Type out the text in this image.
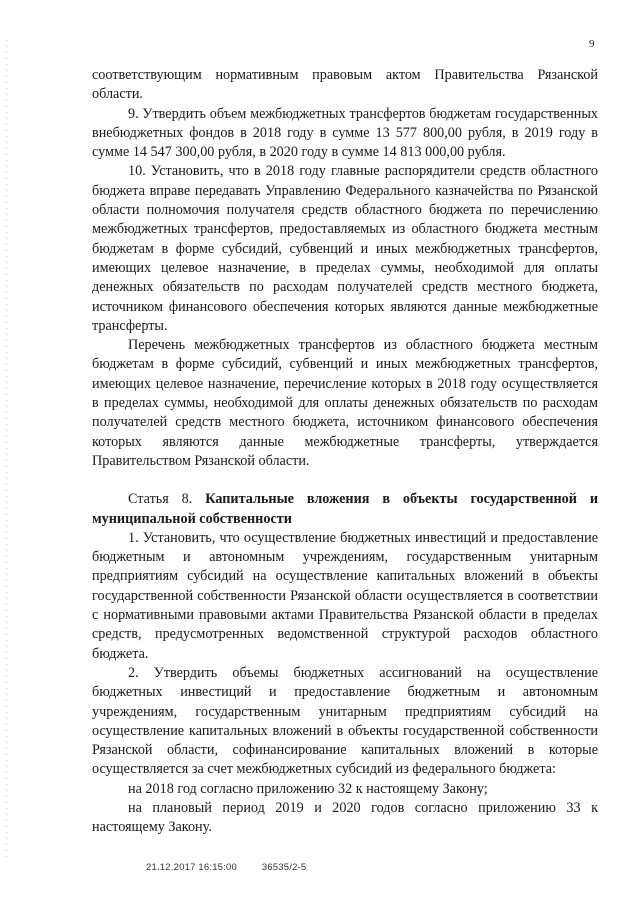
9

соответствующим нормативным правовым актом Правительства Рязанской области.

9. Утвердить объем межбюджетных трансфертов бюджетам государственных внебюджетных фондов в 2018 году в сумме 13 577 800,00 рубля, в 2019 году в сумме 14 547 300,00 рубля, в 2020 году в сумме 14 813 000,00 рубля.

10. Установить, что в 2018 году главные распорядители средств областного бюджета вправе передавать Управлению Федерального казначейства по Рязанской области полномочия получателя средств областного бюджета по перечислению межбюджетных трансфертов, предоставляемых из областного бюджета местным бюджетам в форме субсидий, субвенций и иных межбюджетных трансфертов, имеющих целевое назначение, в пределах суммы, необходимой для оплаты денежных обязательств по расходам получателей средств местного бюджета, источником финансового обеспечения которых являются данные межбюджетные трансферты.

Перечень межбюджетных трансфертов из областного бюджета местным бюджетам в форме субсидий, субвенций и иных межбюджетных трансфертов, имеющих целевое назначение, перечисление которых в 2018 году осуществляется в пределах суммы, необходимой для оплаты денежных обязательств по расходам получателей средств местного бюджета, источником финансового обеспечения которых являются данные межбюджетные трансферты, утверждается Правительством Рязанской области.

Статья 8. Капитальные вложения в объекты государственной и муниципальной собственности

1. Установить, что осуществление бюджетных инвестиций и предоставление бюджетным и автономным учреждениям, государственным унитарным предприятиям субсидий на осуществление капитальных вложений в объекты государственной собственности Рязанской области осуществляется в соответствии с нормативными правовыми актами Правительства Рязанской области в пределах средств, предусмотренных ведомственной структурой расходов областного бюджета.

2. Утвердить объемы бюджетных ассигнований на осуществление бюджетных инвестиций и предоставление бюджетным и автономным учреждениям, государственным унитарным предприятиям субсидий на осуществление капитальных вложений в объекты государственной собственности Рязанской области, софинансирование капитальных вложений в которые осуществляется за счет межбюджетных субсидий из федерального бюджета:

на 2018 год согласно приложению 32 к настоящему Закону;

на плановый период 2019 и 2020 годов согласно приложению 33 к настоящему Закону.

21.12.2017 16:15:00	36535/2-5
